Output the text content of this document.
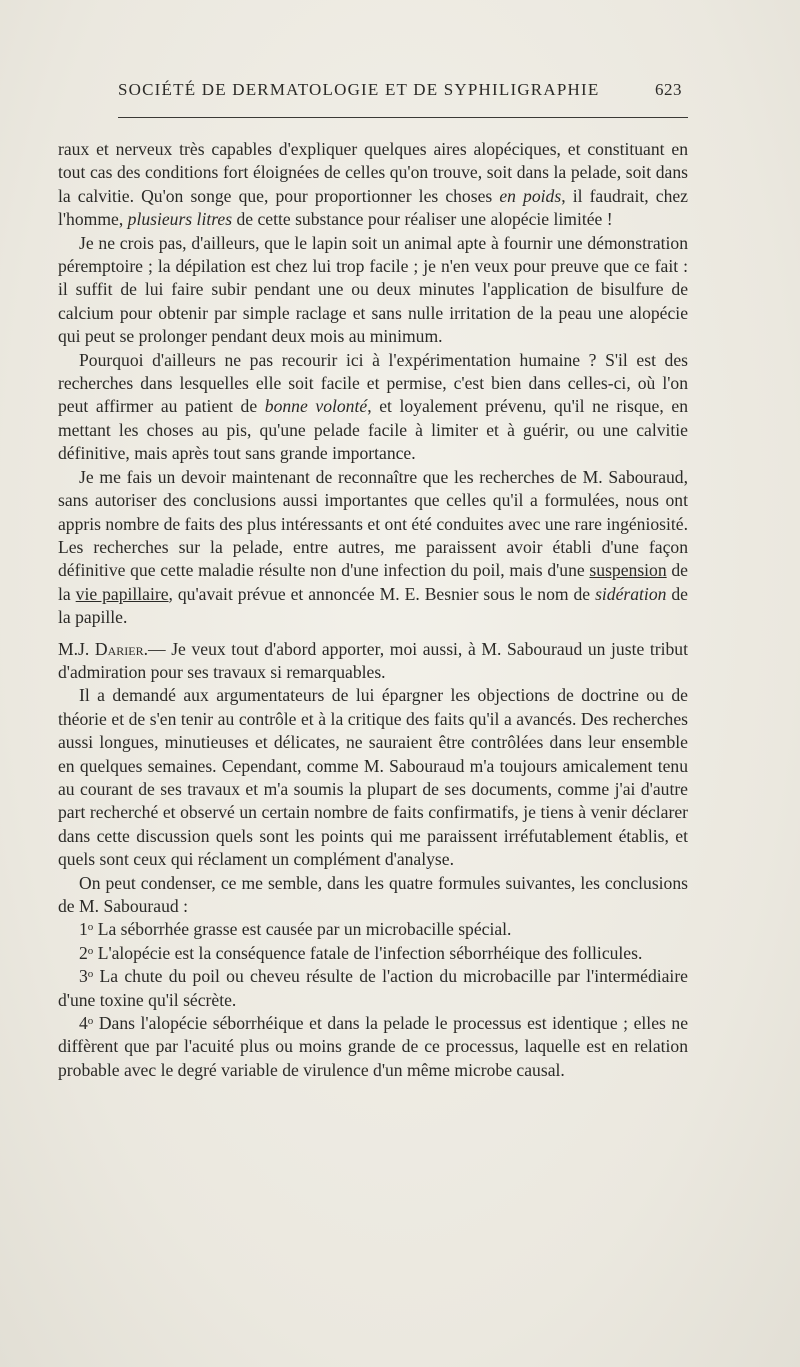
SOCIÉTÉ DE DERMATOLOGIE ET DE SYPHILIGRAPHIE	623

raux et nerveux très capables d'expliquer quelques aires alopéciques, et constituant en tout cas des conditions fort éloignées de celles qu'on trouve, soit dans la pelade, soit dans la calvitie. Qu'on songe que, pour proportionner les choses en poids, il faudrait, chez l'homme, plusieurs litres de cette substance pour réaliser une alopécie limitée !

Je ne crois pas, d'ailleurs, que le lapin soit un animal apte à fournir une démonstration péremptoire ; la dépilation est chez lui trop facile ; je n'en veux pour preuve que ce fait : il suffit de lui faire subir pendant une ou deux minutes l'application de bisulfure de calcium pour obtenir par simple raclage et sans nulle irritation de la peau une alopécie qui peut se prolonger pendant deux mois au minimum.

Pourquoi d'ailleurs ne pas recourir ici à l'expérimentation humaine ? S'il est des recherches dans lesquelles elle soit facile et permise, c'est bien dans celles-ci, où l'on peut affirmer au patient de bonne volonté, et loyalement prévenu, qu'il ne risque, en mettant les choses au pis, qu'une pelade facile à limiter et à guérir, ou une calvitie définitive, mais après tout sans grande importance.

Je me fais un devoir maintenant de reconnaître que les recherches de M. Sabouraud, sans autoriser des conclusions aussi importantes que celles qu'il a formulées, nous ont appris nombre de faits des plus intéressants et ont été conduites avec une rare ingéniosité. Les recherches sur la pelade, entre autres, me paraissent avoir établi d'une façon définitive que cette maladie résulte non d'une infection du poil, mais d'une suspension de la vie papillaire, qu'avait prévue et annoncée M. E. Besnier sous le nom de sidération de la papille.

M.J. Darier.— Je veux tout d'abord apporter, moi aussi, à M. Sabouraud un juste tribut d'admiration pour ses travaux si remarquables.

Il a demandé aux argumentateurs de lui épargner les objections de doctrine ou de théorie et de s'en tenir au contrôle et à la critique des faits qu'il a avancés. Des recherches aussi longues, minutieuses et délicates, ne sauraient être contrôlées dans leur ensemble en quelques semaines. Cependant, comme M. Sabouraud m'a toujours amicalement tenu au courant de ses travaux et m'a soumis la plupart de ses documents, comme j'ai d'autre part recherché et observé un certain nombre de faits confirmatifs, je tiens à venir déclarer dans cette discussion quels sont les points qui me paraissent irréfutablement établis, et quels sont ceux qui réclament un complément d'analyse.

On peut condenser, ce me semble, dans les quatre formules suivantes, les conclusions de M. Sabouraud :

1$^o$ La séborrhée grasse est causée par un microbacille spécial.

2$^o$ L'alopécie est la conséquence fatale de l'infection séborrhéique des follicules.

3$^o$ La chute du poil ou cheveu résulte de l'action du microbacille par l'intermédiaire d'une toxine qu'il sécrète.

4$^o$ Dans l'alopécie séborrhéique et dans la pelade le processus est identique ; elles ne diffèrent que par l'acuité plus ou moins grande de ce processus, laquelle est en relation probable avec le degré variable de virulence d'un même microbe causal.
